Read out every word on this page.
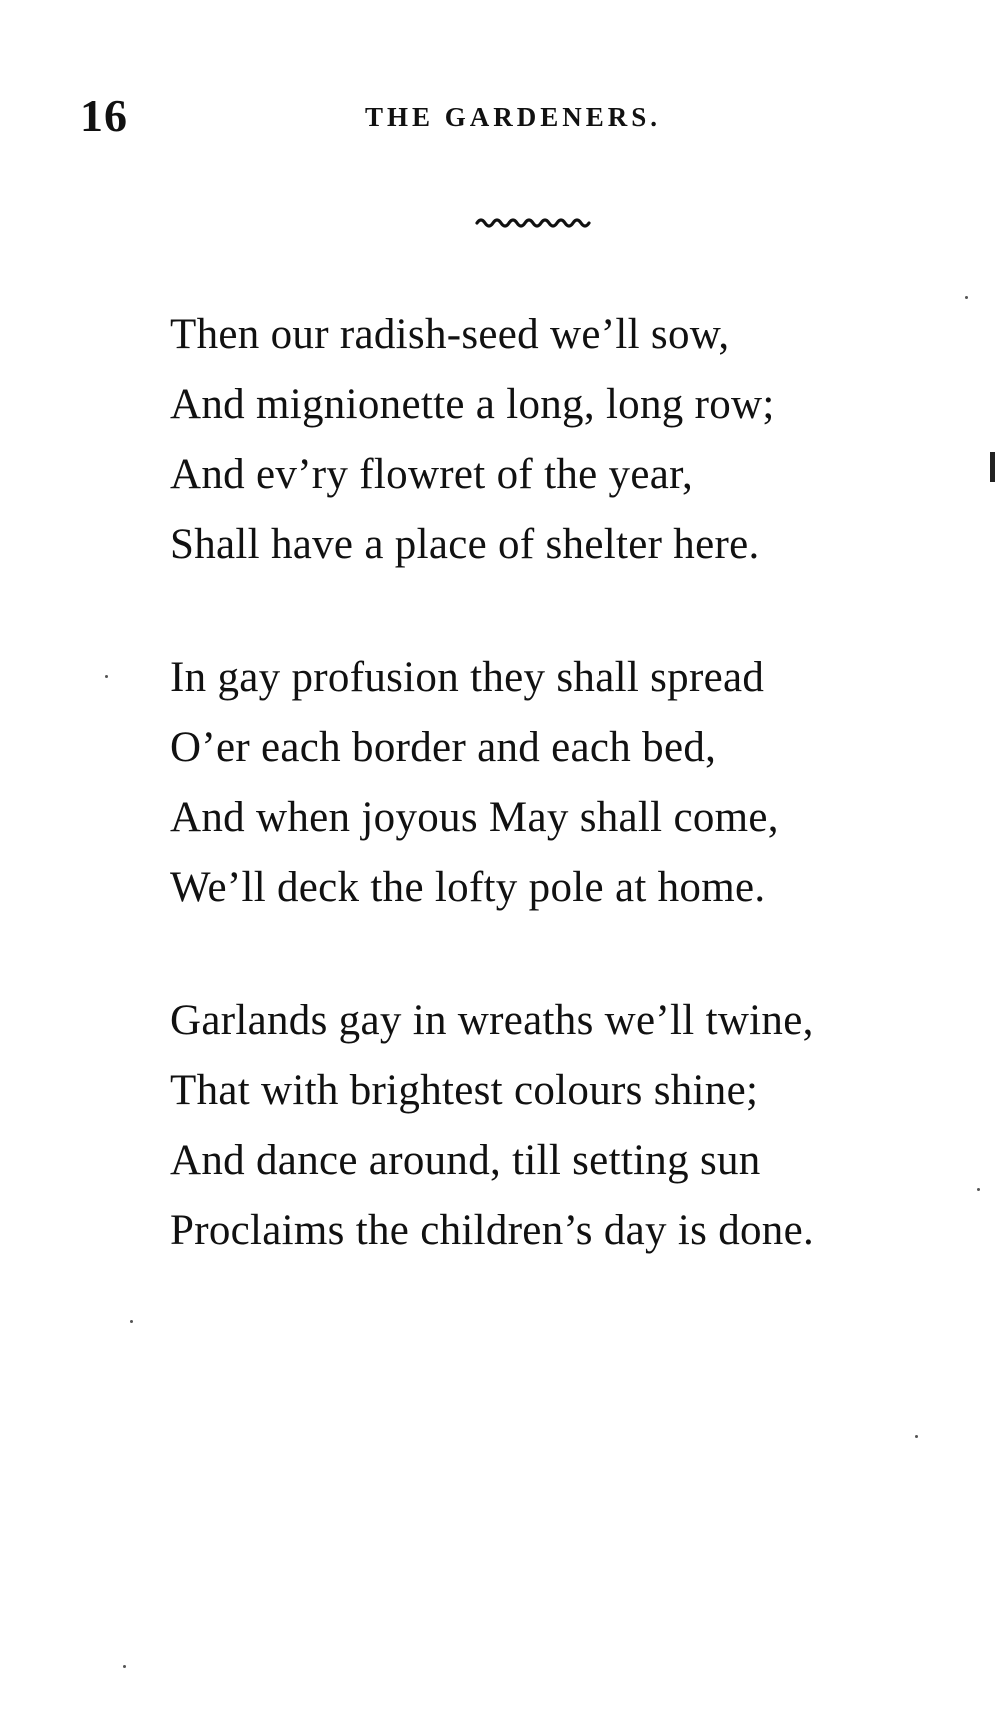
16	THE GARDENERS.
Then our radish-seed we’ll sow,
And mignionette a long, long row;
And ev’ry flowret of the year,
Shall have a place of shelter here.
In gay profusion they shall spread
O’er each border and each bed,
And when joyous May shall come,
We’ll deck the lofty pole at home.
Garlands gay in wreaths we’ll twine,
That with brightest colours shine;
And dance around, till setting sun
Proclaims the children’s day is done.
